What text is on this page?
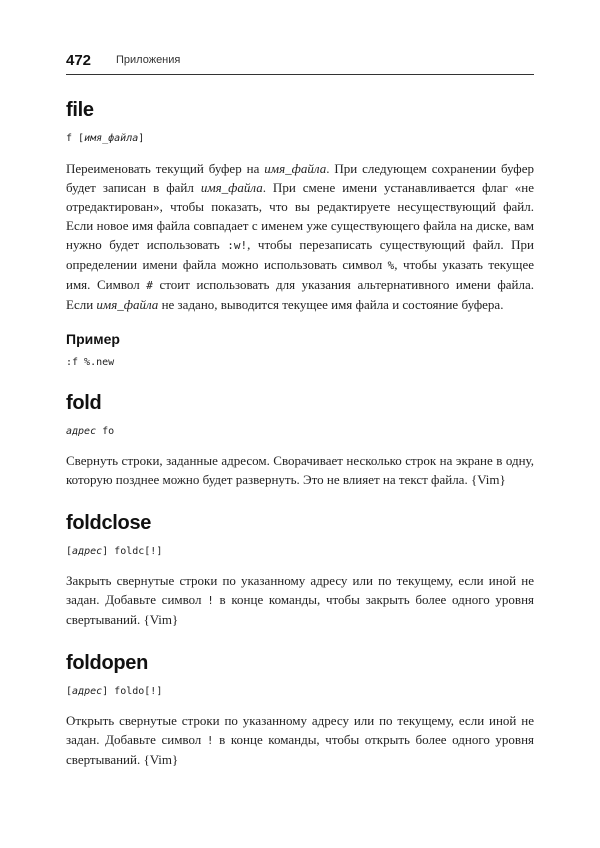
472 Приложения
file

f [имя_файла]

Переименовать текущий буфер на имя_файла. При следующем сохранении буфер будет записан в файл имя_файла. При смене имени устанавливается флаг «не отредактирован», чтобы показать, что вы редактируете несуществующий файл. Если новое имя файла совпадает с именем уже существующего файла на диске, вам нужно будет использовать :w!, чтобы перезаписать существующий файл. При определении имени файла можно использовать символ %, чтобы указать текущее имя. Символ # стоит использовать для указания альтернативного имени файла. Если имя_файла не задано, выводится текущее имя файла и состояние буфера.

Пример

:f %.new

fold

адрес fo

Свернуть строки, заданные адресом. Сворачивает несколько строк на экране в одну, которую позднее можно будет развернуть. Это не влияет на текст файла. {Vim}

foldclose

[адрес] foldc[!]

Закрыть свернутые строки по указанному адресу или по текущему, если иной не задан. Добавьте символ ! в конце команды, чтобы закрыть более одного уровня свертываний. {Vim}

foldopen

[адрес] foldo[!]

Открыть свернутые строки по указанному адресу или по текущему, если иной не задан. Добавьте символ ! в конце команды, чтобы открыть более одного уровня свертываний. {Vim}
